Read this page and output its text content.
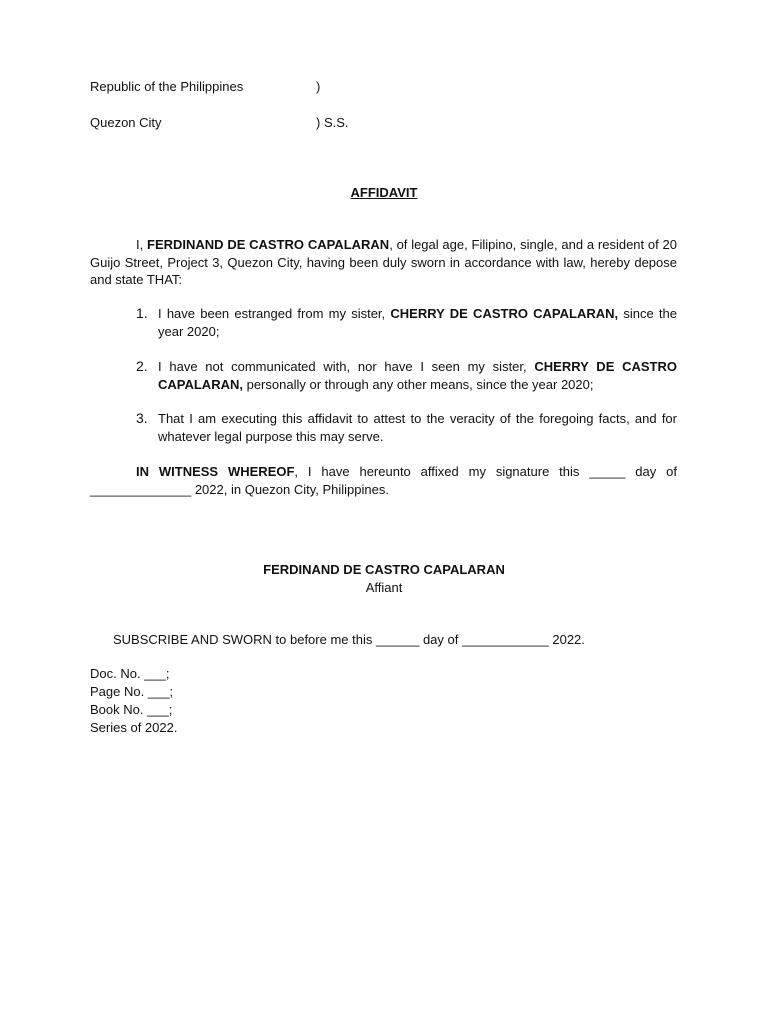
Republic of the Philippines	)
Quezon City	) S.S.
AFFIDAVIT
I, FERDINAND DE CASTRO CAPALARAN, of legal age, Filipino, single, and a resident of 20 Guijo Street, Project 3, Quezon City, having been duly sworn in accordance with law, hereby depose and state THAT:
1. I have been estranged from my sister, CHERRY DE CASTRO CAPALARAN, since the year 2020;
2. I have not communicated with, nor have I seen my sister, CHERRY DE CASTRO CAPALARAN, personally or through any other means, since the year 2020;
3. That I am executing this affidavit to attest to the veracity of the foregoing facts, and for whatever legal purpose this may serve.
IN WITNESS WHEREOF, I have hereunto affixed my signature this _____ day of ______________ 2022, in Quezon City, Philippines.
FERDINAND DE CASTRO CAPALARAN
Affiant
SUBSCRIBE AND SWORN to before me this ______ day of ____________ 2022.
Doc. No. ___;
Page No. ___;
Book No. ___;
Series of 2022.
